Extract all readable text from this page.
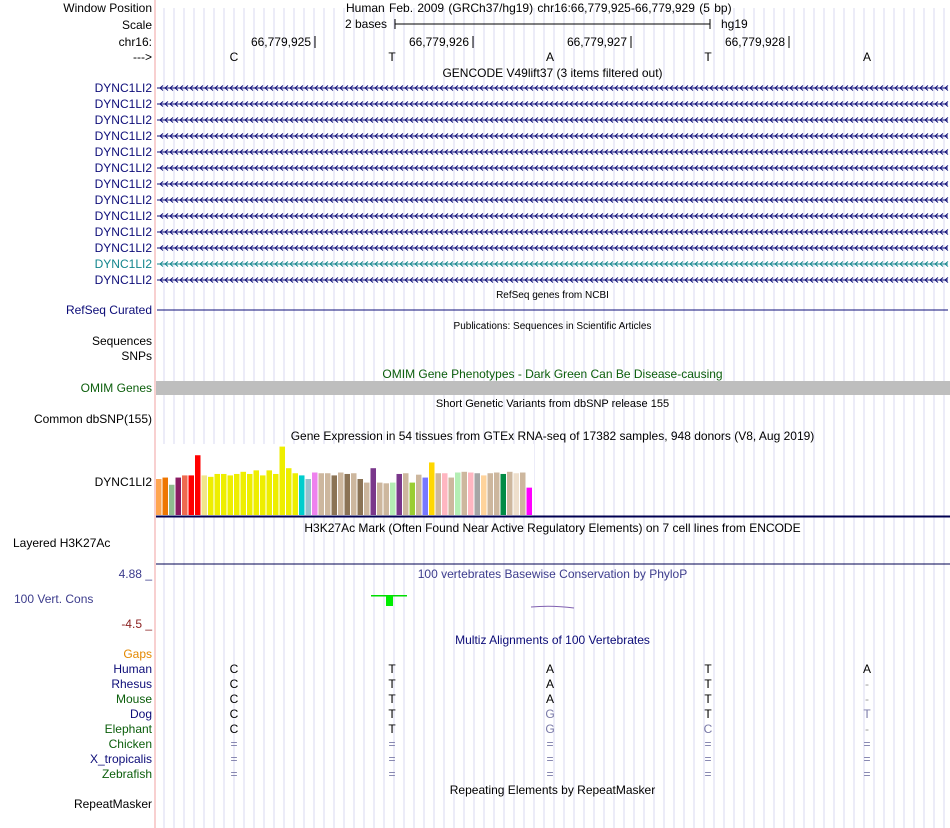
Window Position	Human Feb. 2009 (GRCh37/hg19) chr16:66,779,925-66,779,929 (5 bp)
Scale	2 bases	hg19
chr16:	66,779,925	66,779,926	66,779,927	66,779,928
--->	C	T	A	T	A
GENCODE V49lift37 (3 items filtered out)
DYNC1LI2
DYNC1LI2
DYNC1LI2
DYNC1LI2
DYNC1LI2
DYNC1LI2
DYNC1LI2
DYNC1LI2
DYNC1LI2
DYNC1LI2
DYNC1LI2
DYNC1LI2
DYNC1LI2
RefSeq genes from NCBI
RefSeq Curated
Publications: Sequences in Scientific Articles
Sequences
SNPs
OMIM Gene Phenotypes - Dark Green Can Be Disease-causing
OMIM Genes
Short Genetic Variants from dbSNP release 155
Common dbSNP(155)
Gene Expression in 54 tissues from GTEx RNA-seq of 17382 samples, 948 donors (V8, Aug 2019)
DYNC1LI2
H3K27Ac Mark (Often Found Near Active Regulatory Elements) on 7 cell lines from ENCODE
Layered H3K27Ac
100 vertebrates Basewise Conservation by PhyloP
4.88 _
100 Vert. Cons
-4.5 _
Multiz Alignments of 100 Vertebrates
Gaps
Human	C	T	A	T	A
Rhesus	C	T	A	T	-
Mouse	C	T	A	T	-
Dog	C	T	G	T	T
Elephant	C	T	G	C	-
Chicken	=	=	=	=	=
X_tropicalis	=	=	=	=	=
Zebrafish	=	=	=	=	=
Repeating Elements by RepeatMasker
RepeatMasker
